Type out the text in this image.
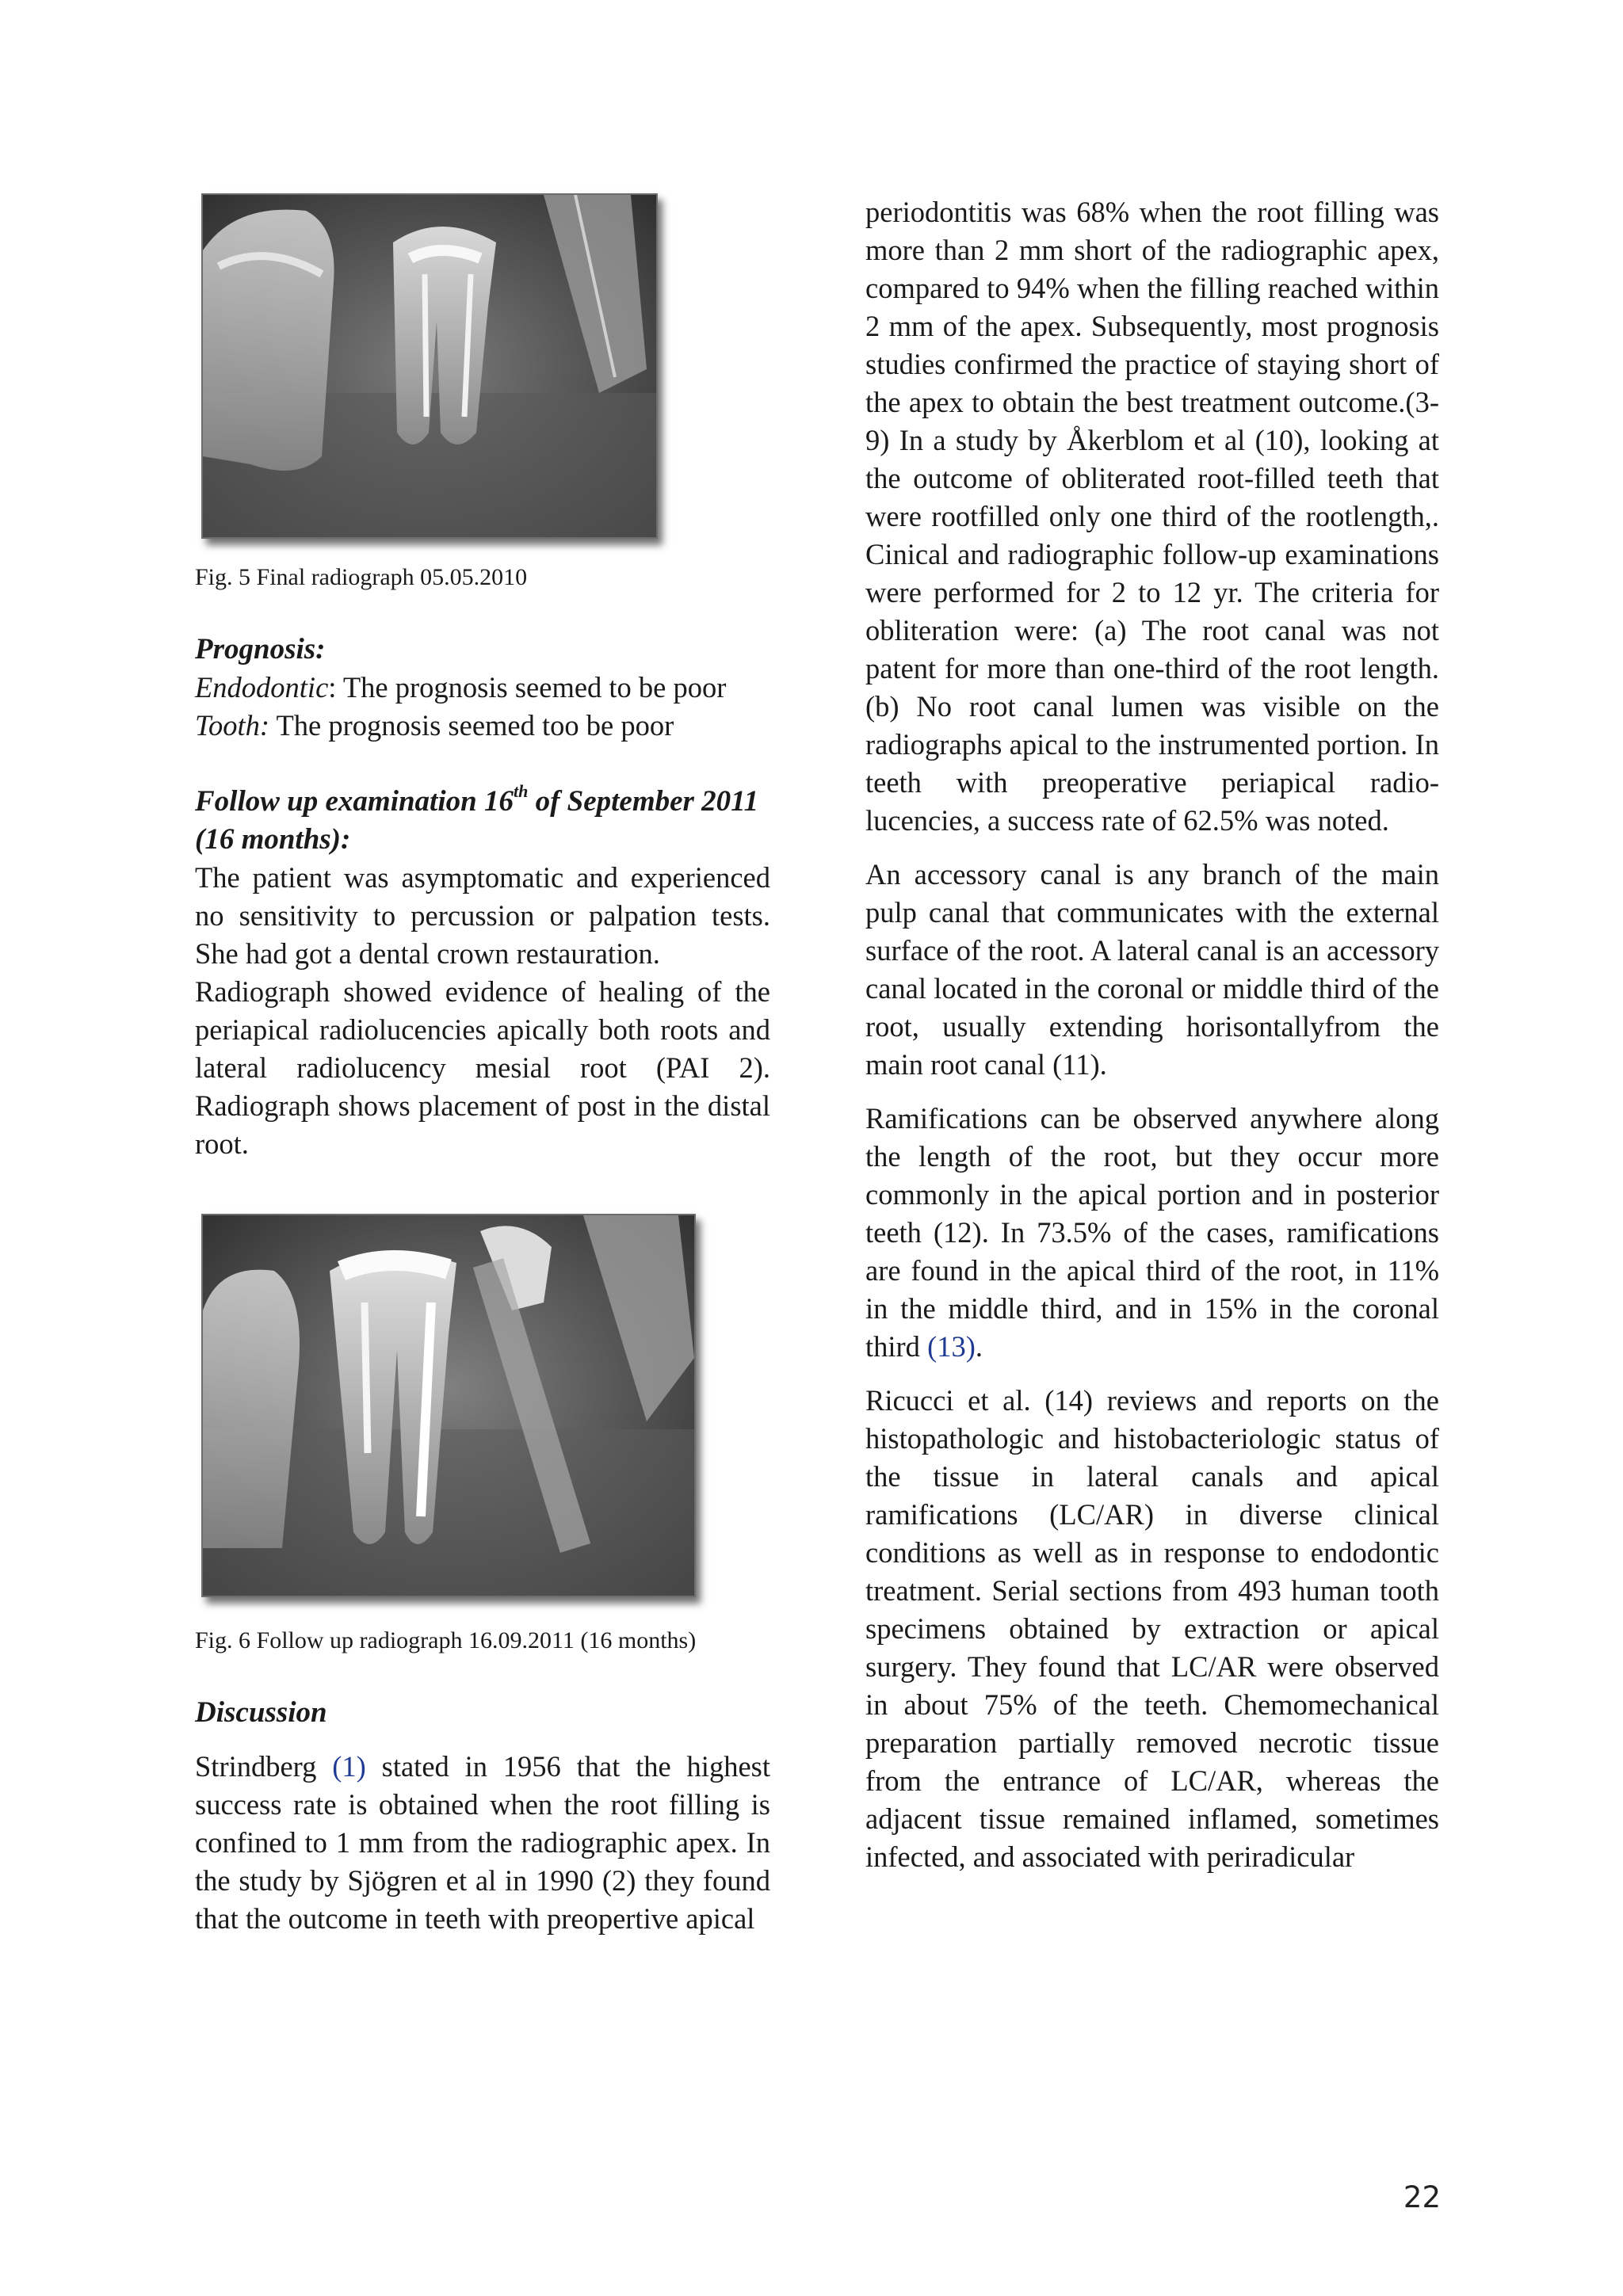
Fig. 5 Final radiograph 05.05.2010

Prognosis:

Endodontic: The prognosis seemed to be poor

Tooth: The prognosis seemed too be poor

Follow up examination 16th of September 2011 (16 months):

The patient was asymptomatic and experienced no sensitivity to percussion or palpation tests. She had got a dental crown restauration.

Radiograph showed evidence of healing of the periapical radiolucencies apically both roots and lateral radiolucency mesial root (PAI 2). Radiograph shows placement of post in the distal root.

Fig. 6 Follow up radiograph 16.09.2011 (16 months)

Discussion

Strindberg (1) stated in 1956 that the highest success rate is obtained when the root filling is confined to 1 mm from the radiographic apex. In the study by Sjögren et al in 1990 (2) they found that the outcome in teeth with preopertive apical

periodontitis was 68% when the root filling was more than 2 mm short of the radiographic apex, compared to 94% when the filling reached within 2 mm of the apex. Subsequently, most prognosis studies confirmed the practice of staying short of the apex to obtain the best treatment outcome.(3-9) In a study by Åkerblom et al (10), looking at the outcome of obliterated root-filled teeth that were rootfilled only one third of the rootlength,. Cinical and radiographic follow-up examinations were performed for 2 to 12 yr. The criteria for obliteration were: (a) The root canal was not patent for more than one-third of the root length. (b) No root canal lumen was visible on the radiographs apical to the instrumented portion. In teeth with preoperative periapical radio-lucencies, a success rate of 62.5% was noted.

An accessory canal is any branch of the main pulp canal that communicates with the external surface of the root. A lateral canal is an accessory canal located in the coronal or middle third of the root, usually extending horisontallyfrom the main root canal (11).

Ramifications can be observed anywhere along the length of the root, but they occur more commonly in the apical portion and in posterior teeth (12). In 73.5% of the cases, ramifications are found in the apical third of the root, in 11% in the middle third, and in 15% in the coronal third (13).

Ricucci et al. (14) reviews and reports on the histopathologic and histobacteriologic status of the tissue in lateral canals and apical ramifications (LC/AR) in diverse clinical conditions as well as in response to endodontic treatment. Serial sections from 493 human tooth specimens obtained by extraction or apical surgery. They found that LC/AR were observed in about 75% of the teeth. Chemomechanical preparation partially removed necrotic tissue from the entrance of LC/AR, whereas the adjacent tissue remained inflamed, sometimes infected, and associated with periradicular

22
